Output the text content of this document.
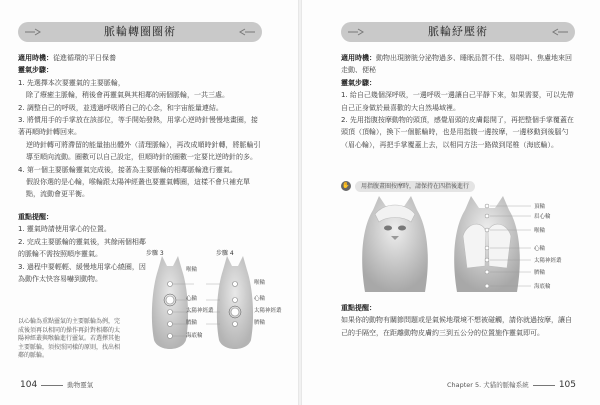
脈輪轉圈圈術

適用時機：從進循環的平日保養

靈氣步驟：

1. 先選擇本次要靈氣的主要脈輪，

除了療癒主脈輪，稍後會再靈氣與其相鄰的兩個脈輪，一共三處。

2. 調整自己的呼吸，並透過呼吸將自己的心念，和宇宙能量連結。

3. 將慣用手的手掌放在該部位，等手開始發熱，用掌心逆時針慢慢地畫圈，接著再順時針轉回來。

逆時針轉可將滯留的能量抽出體外（清理脈輪），再改成順時針轉，將脈輪引導至順向流動。圈數可以自己設定，但順時針的圈數一定要比逆時針的多。

4. 第一個主要脈輪靈氣完成後，接著為主要脈輪的相鄰脈輪進行靈氣。

假設你選的是心輪，喉輪跟太陽神經叢也要靈氣轉圈，這樣不會只補充單點，流動會更平衡。

重點提醒：

1. 靈氣時請使用掌心的位置。

2. 完成主要脈輪的靈氣後，其餘兩個相鄰的脈輪不需按照順序靈氣。

3. 過程中要輕輕、緩慢地用掌心繞圈，因為動作太快容易嚇到動物。

以心輪為重點靈氣的主要脈輪為例，完成後須再以相同的操作再針對相鄰的太陽神經叢與喉輪進行靈氣。若選擇其他主要脈輪，須按照同樣的原則，找出相鄰的脈輪。
步驟 3	步驟 4
喉輪
心輪
太陽神經叢
臍輪
海底輪
喉輪
心輪
太陽神經叢
臍輪
104	動物靈氣
脈輪紓壓術

適用時機：動物出現膀胱分泌物過多、睡眠品質不佳、易喘叫、焦慮地來回走動、便秘

靈氣步驟：

1. 給自己幾個深呼吸，一邊呼吸一邊讓自己平靜下來，如果需要，可以先帶自己正身做於最喜歡的大自然場域裡。

2. 先用指腹按摩動物的頭頂，感覺眉頭的皮膚鬆開了，再把整個手掌覆蓋在頭頂（頂輪），換下一個脈輪時，也是用指腹一邊按摩，一邊移動到後腦勺（眉心輪），再把手掌覆蓋上去，以相同方法一路做到尾椎（海底輪）。

✋	用指腹畫圈按摩時，請保持在四指後進行
頂輪
眉心輪
喉輪
心輪
太陽神經叢
臍輪
海底輪

重點提醒：

如果你的動物有關節問題或是氣候地環境不想被碰觸，請你就過按摩，讓自己的手隔空，在距離動物皮膚約三到五公分的位置施作靈氣即可。

Chapter 5. 犬貓的脈輪系統	105
